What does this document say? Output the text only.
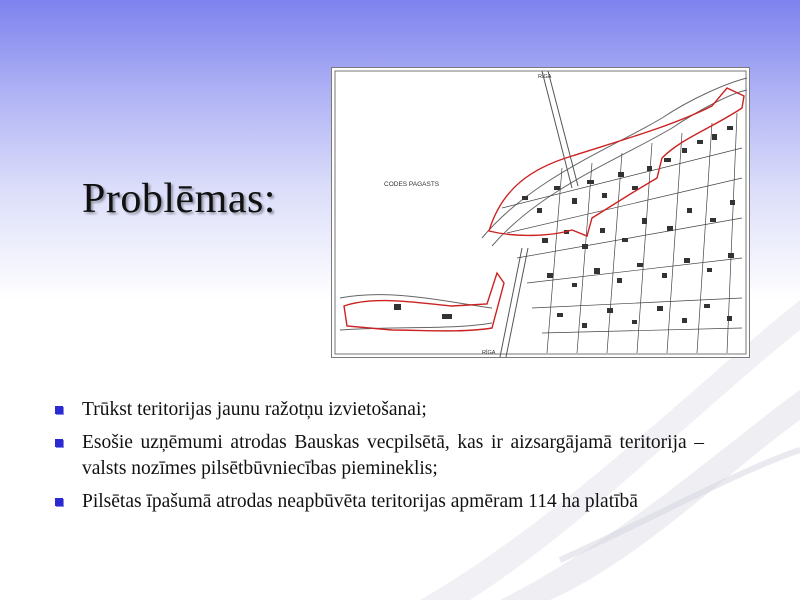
Problēmas:	CODES PAGASTS
RĪGA
RĪGA
Trūkst teritorijas jaunu ražotņu izvietošanai;
Esošie uzņēmumi atrodas Bauskas vecpilsētā, kas ir aizsargājamā teritorija – valsts nozīmes pilsētbūvniecības piemineklis;
Pilsētas īpašumā atrodas neapbūvēta teritorijas apmēram 114 ha platībā
